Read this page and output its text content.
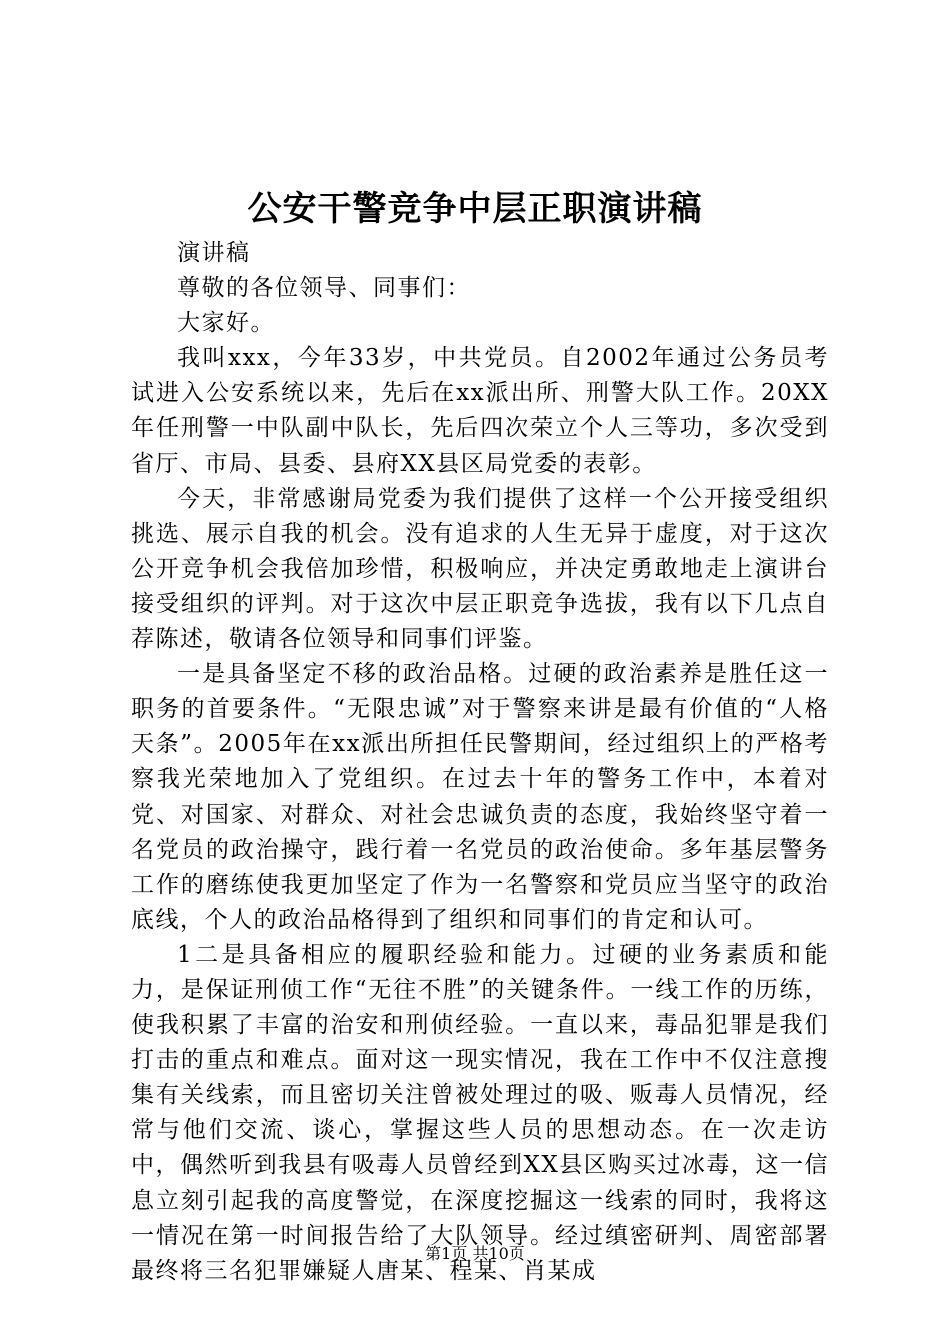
公安干警竞争中层正职演讲稿

演讲稿

尊敬的各位领导、同事们：

大家好。

我叫xxx，今年33岁，中共党员。自2002年通过公务员考试进入公安系统以来，先后在xx派出所、刑警大队工作。20XX年任刑警一中队副中队长，先后四次荣立个人三等功，多次受到省厅、市局、县委、县府XX县区局党委的表彰。

今天，非常感谢局党委为我们提供了这样一个公开接受组织挑选、展示自我的机会。没有追求的人生无异于虚度，对于这次公开竞争机会我倍加珍惜，积极响应，并决定勇敢地走上演讲台接受组织的评判。对于这次中层正职竞争选拔，我有以下几点自荐陈述，敬请各位领导和同事们评鉴。

一是具备坚定不移的政治品格。过硬的政治素养是胜任这一职务的首要条件。“无限忠诚”对于警察来讲是最有价值的“人格天条”。2005年在xx派出所担任民警期间，经过组织上的严格考察我光荣地加入了党组织。在过去十年的警务工作中，本着对党、对国家、对群众、对社会忠诚负责的态度，我始终坚守着一名党员的政治操守，践行着一名党员的政治使命。多年基层警务工作的磨练使我更加坚定了作为一名警察和党员应当坚守的政治底线，个人的政治品格得到了组织和同事们的肯定和认可。

1二是具备相应的履职经验和能力。过硬的业务素质和能力，是保证刑侦工作“无往不胜”的关键条件。一线工作的历练，使我积累了丰富的治安和刑侦经验。一直以来，毒品犯罪是我们打击的重点和难点。面对这一现实情况，我在工作中不仅注意搜集有关线索，而且密切关注曾被处理过的吸、贩毒人员情况，经常与他们交流、谈心，掌握这些人员的思想动态。在一次走访中，偶然听到我县有吸毒人员曾经到XX县区购买过冰毒，这一信息立刻引起我的高度警觉，在深度挖掘这一线索的同时，我将这一情况在第一时间报告给了大队领导。经过缜密研判、周密部署最终将三名犯罪嫌疑人唐某、程某、肖某成

第1页 共10页
